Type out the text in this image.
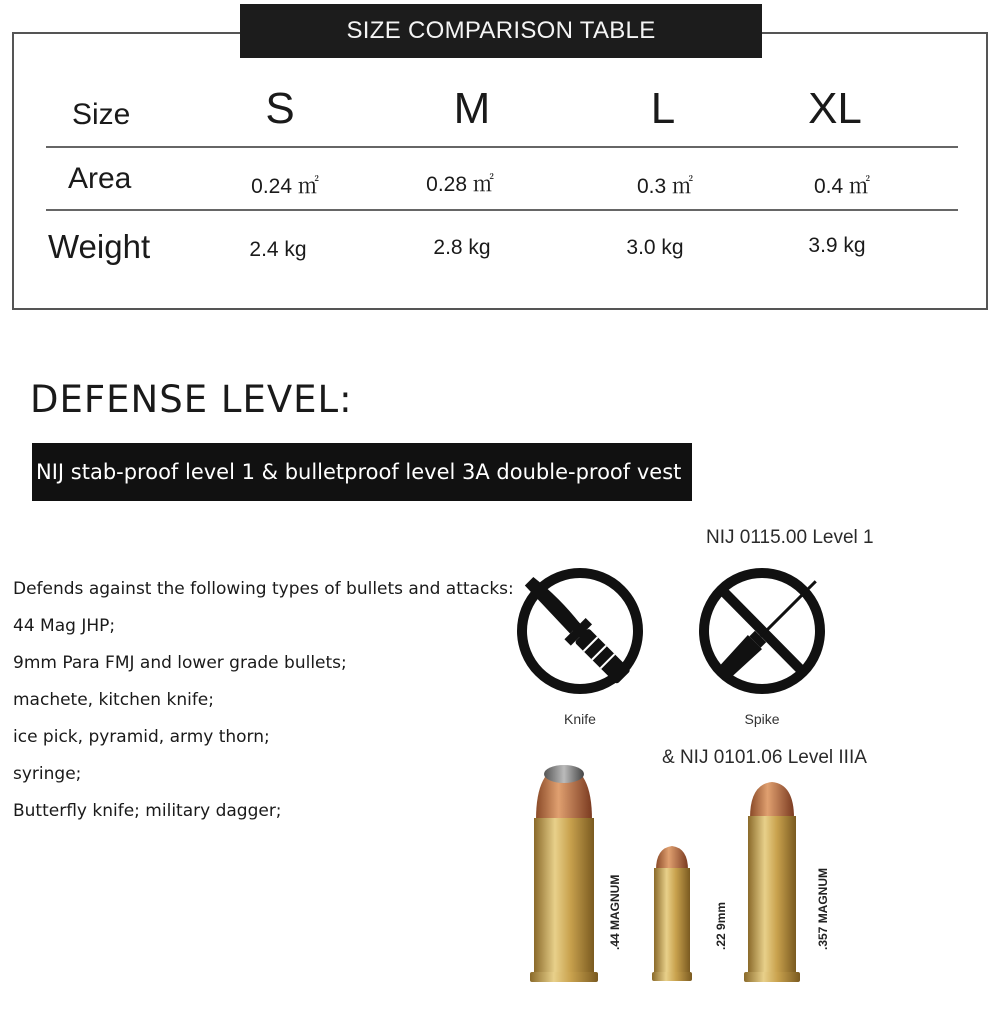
SIZE COMPARISON TABLE
Size	S	M	L	XL
Area	0.24 ㎡	0.28 ㎡	0.3 ㎡	0.4 ㎡
Weight	2.4 kg	2.8 kg	3.0 kg	3.9 kg
DEFENSE LEVEL:
NIJ stab-proof level 1 & bulletproof level 3A double-proof vest
Defends against the following types of bullets and attacks:
44 Mag JHP;
9mm Para FMJ and lower grade bullets;
machete, kitchen knife;
ice pick, pyramid, army thorn;
syringe;
Butterfly knife; military dagger;
NIJ 0115.00 Level 1
Knife	Spike
& NIJ 0101.06 Level IIIA
.44 MAGNUM	.22 9mm	.357 MAGNUM
